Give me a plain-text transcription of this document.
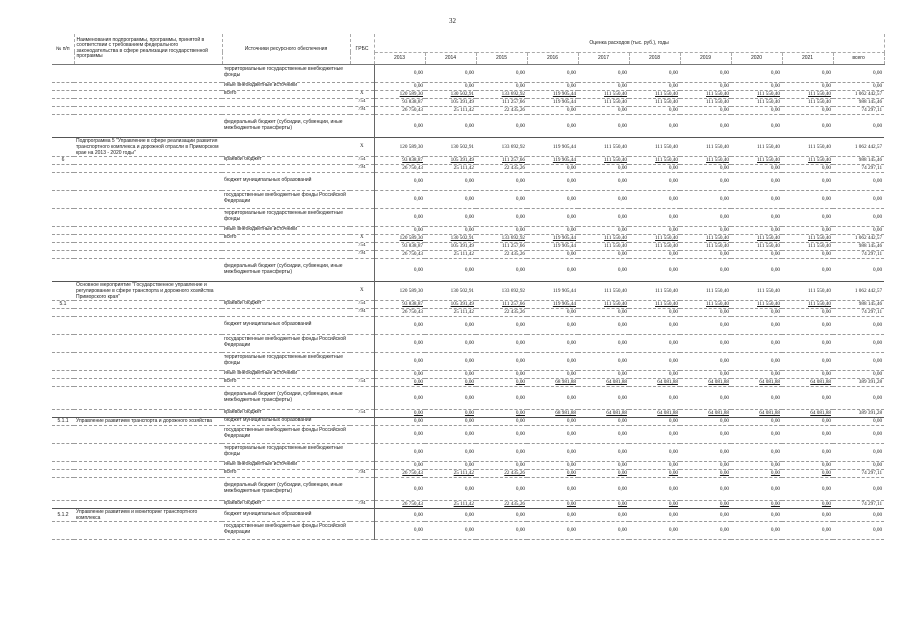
32
№ п/п	Наименования подпрограммы, программы, принятой в соответствии с требованием федерального законодательства в сфере реализации государственной программы	Источники ресурсного обеспечения	ГРБС	Оценка расходов (тыс. руб.), годы									
				2013	2014	2015	2016	2017	2018	2019	2020	2021	всего
		территориальные государственные внебюджетные фонды		0,00	0,00	0,00	0,00	0,00	0,00	0,00	0,00	0,00	0,00
		иные внебюджетные источники		0,00	0,00	0,00	0,00	0,00	0,00	0,00	0,00	0,00	0,00
		всего	X	120 589,30	130 502,91	133 692,92	119 905,44	111 550,40	111 550,40	111 550,40	111 550,40	111 550,40	1 062 442,57
			754	93 838,87	105 391,49	111 257,66	119 905,44	111 550,40	111 550,40	111 550,40	111 550,40	111 550,40	988 145,46
			794	26 750,43	25 111,42	22 435,26	0,00	0,00	0,00	0,00	0,00	0,00	74 297,11
		федеральный бюджет (субсидии, субвенции, иные межбюджетные трансферты)		0,00	0,00	0,00	0,00	0,00	0,00	0,00	0,00	0,00	0,00
	Подпрограмма 5 "Управление в сфере реализации развития транспортного комплекса и дорожной отрасли в Приморском крае на 2013 - 2020 годы"		X	120 589,30	130 502,91	133 692,92	119 905,44	111 550,40	111 550,40	111 550,40	111 550,40	111 550,40	1 062 442,57
6		краевой бюджет	754	93 838,87	105 391,49	111 257,66	119 905,44	111 550,40	111 550,40	111 550,40	111 550,40	111 550,40	988 145,46
			794	26 750,43	25 111,42	22 435,26	0,00	0,00	0,00	0,00	0,00	0,00	74 297,11
		бюджет муниципальных образований		0,00	0,00	0,00	0,00	0,00	0,00	0,00	0,00	0,00	0,00
		государственные внебюджетные фонды Российской Федерации		0,00	0,00	0,00	0,00	0,00	0,00	0,00	0,00	0,00	0,00
		территориальные государственные внебюджетные фонды		0,00	0,00	0,00	0,00	0,00	0,00	0,00	0,00	0,00	0,00
		иные внебюджетные источники		0,00	0,00	0,00	0,00	0,00	0,00	0,00	0,00	0,00	0,00
		всего	X	120 589,30	130 502,91	133 692,92	119 905,44	111 550,40	111 550,40	111 550,40	111 550,40	111 550,40	1 062 442,57
			754	93 838,87	105 391,49	111 257,66	119 905,44	111 550,40	111 550,40	111 550,40	111 550,40	111 550,40	988 145,46
			794	26 750,43	25 111,42	22 435,26	0,00	0,00	0,00	0,00	0,00	0,00	74 297,11
		федеральный бюджет (субсидии, субвенции, иные межбюджетные трансферты)		0,00	0,00	0,00	0,00	0,00	0,00	0,00	0,00	0,00	0,00
	Основное мероприятие "Государственное управление и регулирование в сфере транспорта и дорожного хозяйства Приморского края"		X	120 589,30	130 502,91	133 692,92	119 905,44	111 550,40	111 550,40	111 550,40	111 550,40	111 550,40	1 062 442,57
5.1		краевой бюджет	754	93 838,87	105 391,49	111 257,66	119 905,44	111 550,40	111 550,40	111 550,40	111 550,40	111 550,40	988 145,46
			794	26 750,43	25 111,42	22 435,26	0,00	0,00	0,00	0,00	0,00	0,00	74 297,11
		бюджет муниципальных образований		0,00	0,00	0,00	0,00	0,00	0,00	0,00	0,00	0,00	0,00
		государственные внебюджетные фонды Российской Федерации		0,00	0,00	0,00	0,00	0,00	0,00	0,00	0,00	0,00	0,00
		территориальные государственные внебюджетные фонды		0,00	0,00	0,00	0,00	0,00	0,00	0,00	0,00	0,00	0,00
		иные внебюджетные источники		0,00	0,00	0,00	0,00	0,00	0,00	0,00	0,00	0,00	0,00
		всего	754	0,00	0,00	0,00	68 981,88	64 081,88	64 081,88	64 081,88	64 081,88	64 081,88	389 391,28
		федеральный бюджет (субсидии, субвенции, иные межбюджетные трансферты)		0,00	0,00	0,00	0,00	0,00	0,00	0,00	0,00	0,00	0,00
		краевой бюджет	754	0,00	0,00	0,00	68 981,88	64 081,88	64 081,88	64 081,88	64 081,88	64 081,88	389 391,28
5.1.1	Управление развитием транспорта и дорожного хозяйства	бюджет муниципальных образований		0,00	0,00	0,00	0,00	0,00	0,00	0,00	0,00	0,00	0,00
		государственные внебюджетные фонды Российской Федерации		0,00	0,00	0,00	0,00	0,00	0,00	0,00	0,00	0,00	0,00
		территориальные государственные внебюджетные фонды		0,00	0,00	0,00	0,00	0,00	0,00	0,00	0,00	0,00	0,00
		иные внебюджетные источники		0,00	0,00	0,00	0,00	0,00	0,00	0,00	0,00	0,00	0,00
		всего	794	26 750,43	25 111,42	22 435,26	0,00	0,00	0,00	0,00	0,00	0,00	74 297,11
		федеральный бюджет (субсидии, субвенции, иные межбюджетные трансферты)		0,00	0,00	0,00	0,00	0,00	0,00	0,00	0,00	0,00	0,00
		краевой бюджет	794	26 750,43	25 111,42	22 435,26	0,00	0,00	0,00	0,00	0,00	0,00	74 297,11
5.1.2	Управление развитием и мониторинг транспортного комплекса	бюджет муниципальных образований		0,00	0,00	0,00	0,00	0,00	0,00	0,00	0,00	0,00	0,00
		государственные внебюджетные фонды Российской Федерации		0,00	0,00	0,00	0,00	0,00	0,00	0,00	0,00	0,00	0,00
